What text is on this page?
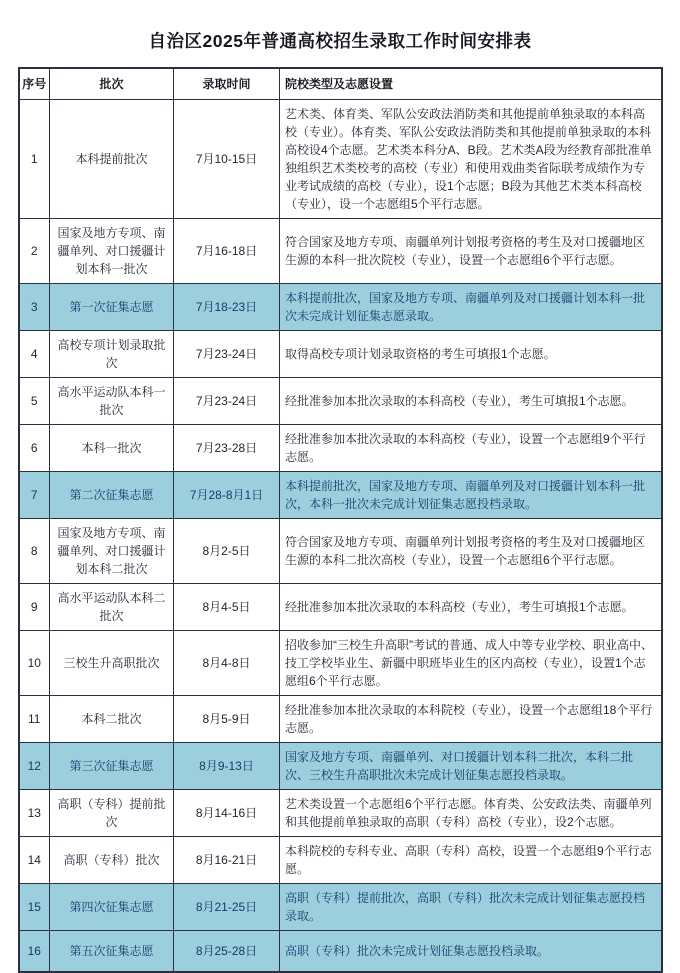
自治区2025年普通高校招生录取工作时间安排表
序号	批次	录取时间	院校类型及志愿设置
1	本科提前批次	7月10-15日	艺术类、体育类、军队公安政法消防类和其他提前单独录取的本科高校（专业）。体育类、军队公安政法消防类和其他提前单独录取的本科高校设4个志愿。艺术类本科分A、B段。艺术类A段为经教育部批准单独组织艺术类校考的高校（专业）和使用戏曲类省际联考成绩作为专业考试成绩的高校（专业），设1个志愿；B段为其他艺术类本科高校（专业），设一个志愿组5个平行志愿。
2	国家及地方专项、南疆单列、对口援疆计划本科一批次	7月16-18日	符合国家及地方专项、南疆单列计划报考资格的考生及对口援疆地区生源的本科一批次院校（专业），设置一个志愿组6个平行志愿。
3	第一次征集志愿	7月18-23日	本科提前批次，国家及地方专项、南疆单列及对口援疆计划本科一批次未完成计划征集志愿录取。
4	高校专项计划录取批次	7月23-24日	取得高校专项计划录取资格的考生可填报1个志愿。
5	高水平运动队本科一批次	7月23-24日	经批准参加本批次录取的本科高校（专业），考生可填报1个志愿。
6	本科一批次	7月23-28日	经批准参加本批次录取的本科高校（专业），设置一个志愿组9个平行志愿。
7	第二次征集志愿	7月28-8月1日	本科提前批次，国家及地方专项、南疆单列及对口援疆计划本科一批次，本科一批次未完成计划征集志愿投档录取。
8	国家及地方专项、南疆单列、对口援疆计划本科二批次	8月2-5日	符合国家及地方专项、南疆单列计划报考资格的考生及对口援疆地区生源的本科二批次高校（专业），设置一个志愿组6个平行志愿。
9	高水平运动队本科二批次	8月4-5日	经批准参加本批次录取的本科高校（专业），考生可填报1个志愿。
10	三校生升高职批次	8月4-8日	招收参加“三校生升高职”考试的普通、成人中等专业学校、职业高中、技工学校毕业生、新疆中职班毕业生的区内高校（专业），设置1个志愿组6个平行志愿。
11	本科二批次	8月5-9日	经批准参加本批次录取的本科院校（专业），设置一个志愿组18个平行志愿。
12	第三次征集志愿	8月9-13日	国家及地方专项、南疆单列、对口援疆计划本科二批次，本科二批次、三校生升高职批次未完成计划征集志愿投档录取。
13	高职（专科）提前批次	8月14-16日	艺术类设置一个志愿组6个平行志愿。体育类、公安政法类、南疆单列和其他提前单独录取的高职（专科）高校（专业），设2个志愿。
14	高职（专科）批次	8月16-21日	本科院校的专科专业、高职（专科）高校，设置一个志愿组9个平行志愿。
15	第四次征集志愿	8月21-25日	高职（专科）提前批次，高职（专科）批次未完成计划征集志愿投档录取。
16	第五次征集志愿	8月25-28日	高职（专科）批次未完成计划征集志愿投档录取。
